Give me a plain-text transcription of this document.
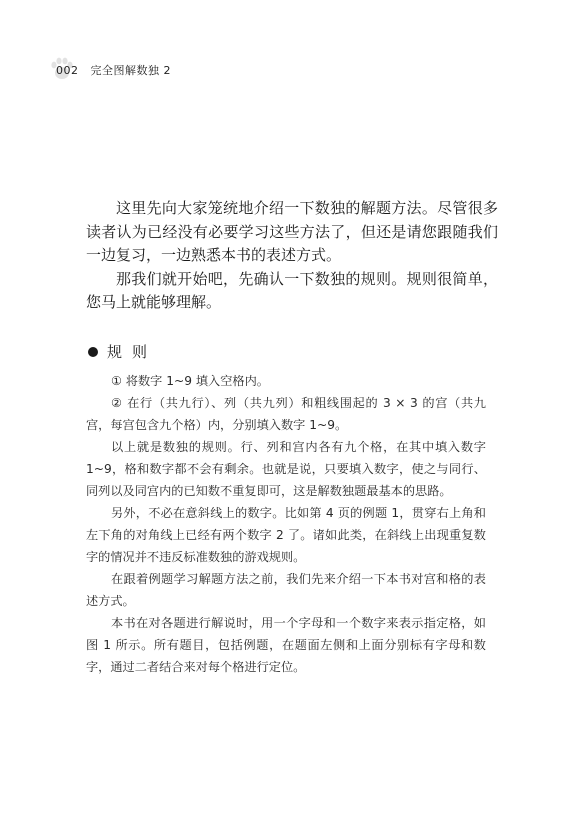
002 完全图解数独 2

这里先向大家笼统地介绍一下数独的解题方法。尽管很多读者认为已经没有必要学习这些方法了，但还是请您跟随我们一边复习，一边熟悉本书的表述方式。

那我们就开始吧，先确认一下数独的规则。规则很简单，您马上就能够理解。

规则

① 将数字 1~9 填入空格内。

② 在行（共九行）、列（共九列）和粗线围起的 3 × 3 的宫（共九宫，每宫包含九个格）内，分别填入数字 1~9。

以上就是数独的规则。行、列和宫内各有九个格，在其中填入数字 1~9，格和数字都不会有剩余。也就是说，只要填入数字，使之与同行、同列以及同宫内的已知数不重复即可，这是解数独题最基本的思路。

另外，不必在意斜线上的数字。比如第 4 页的例题 1，贯穿右上角和左下角的对角线上已经有两个数字 2 了。诸如此类，在斜线上出现重复数字的情况并不违反标准数独的游戏规则。

在跟着例题学习解题方法之前，我们先来介绍一下本书对宫和格的表述方式。

本书在对各题进行解说时，用一个字母和一个数字来表示指定格，如图 1 所示。所有题目，包括例题，在题面左侧和上面分别标有字母和数字，通过二者结合来对每个格进行定位。
